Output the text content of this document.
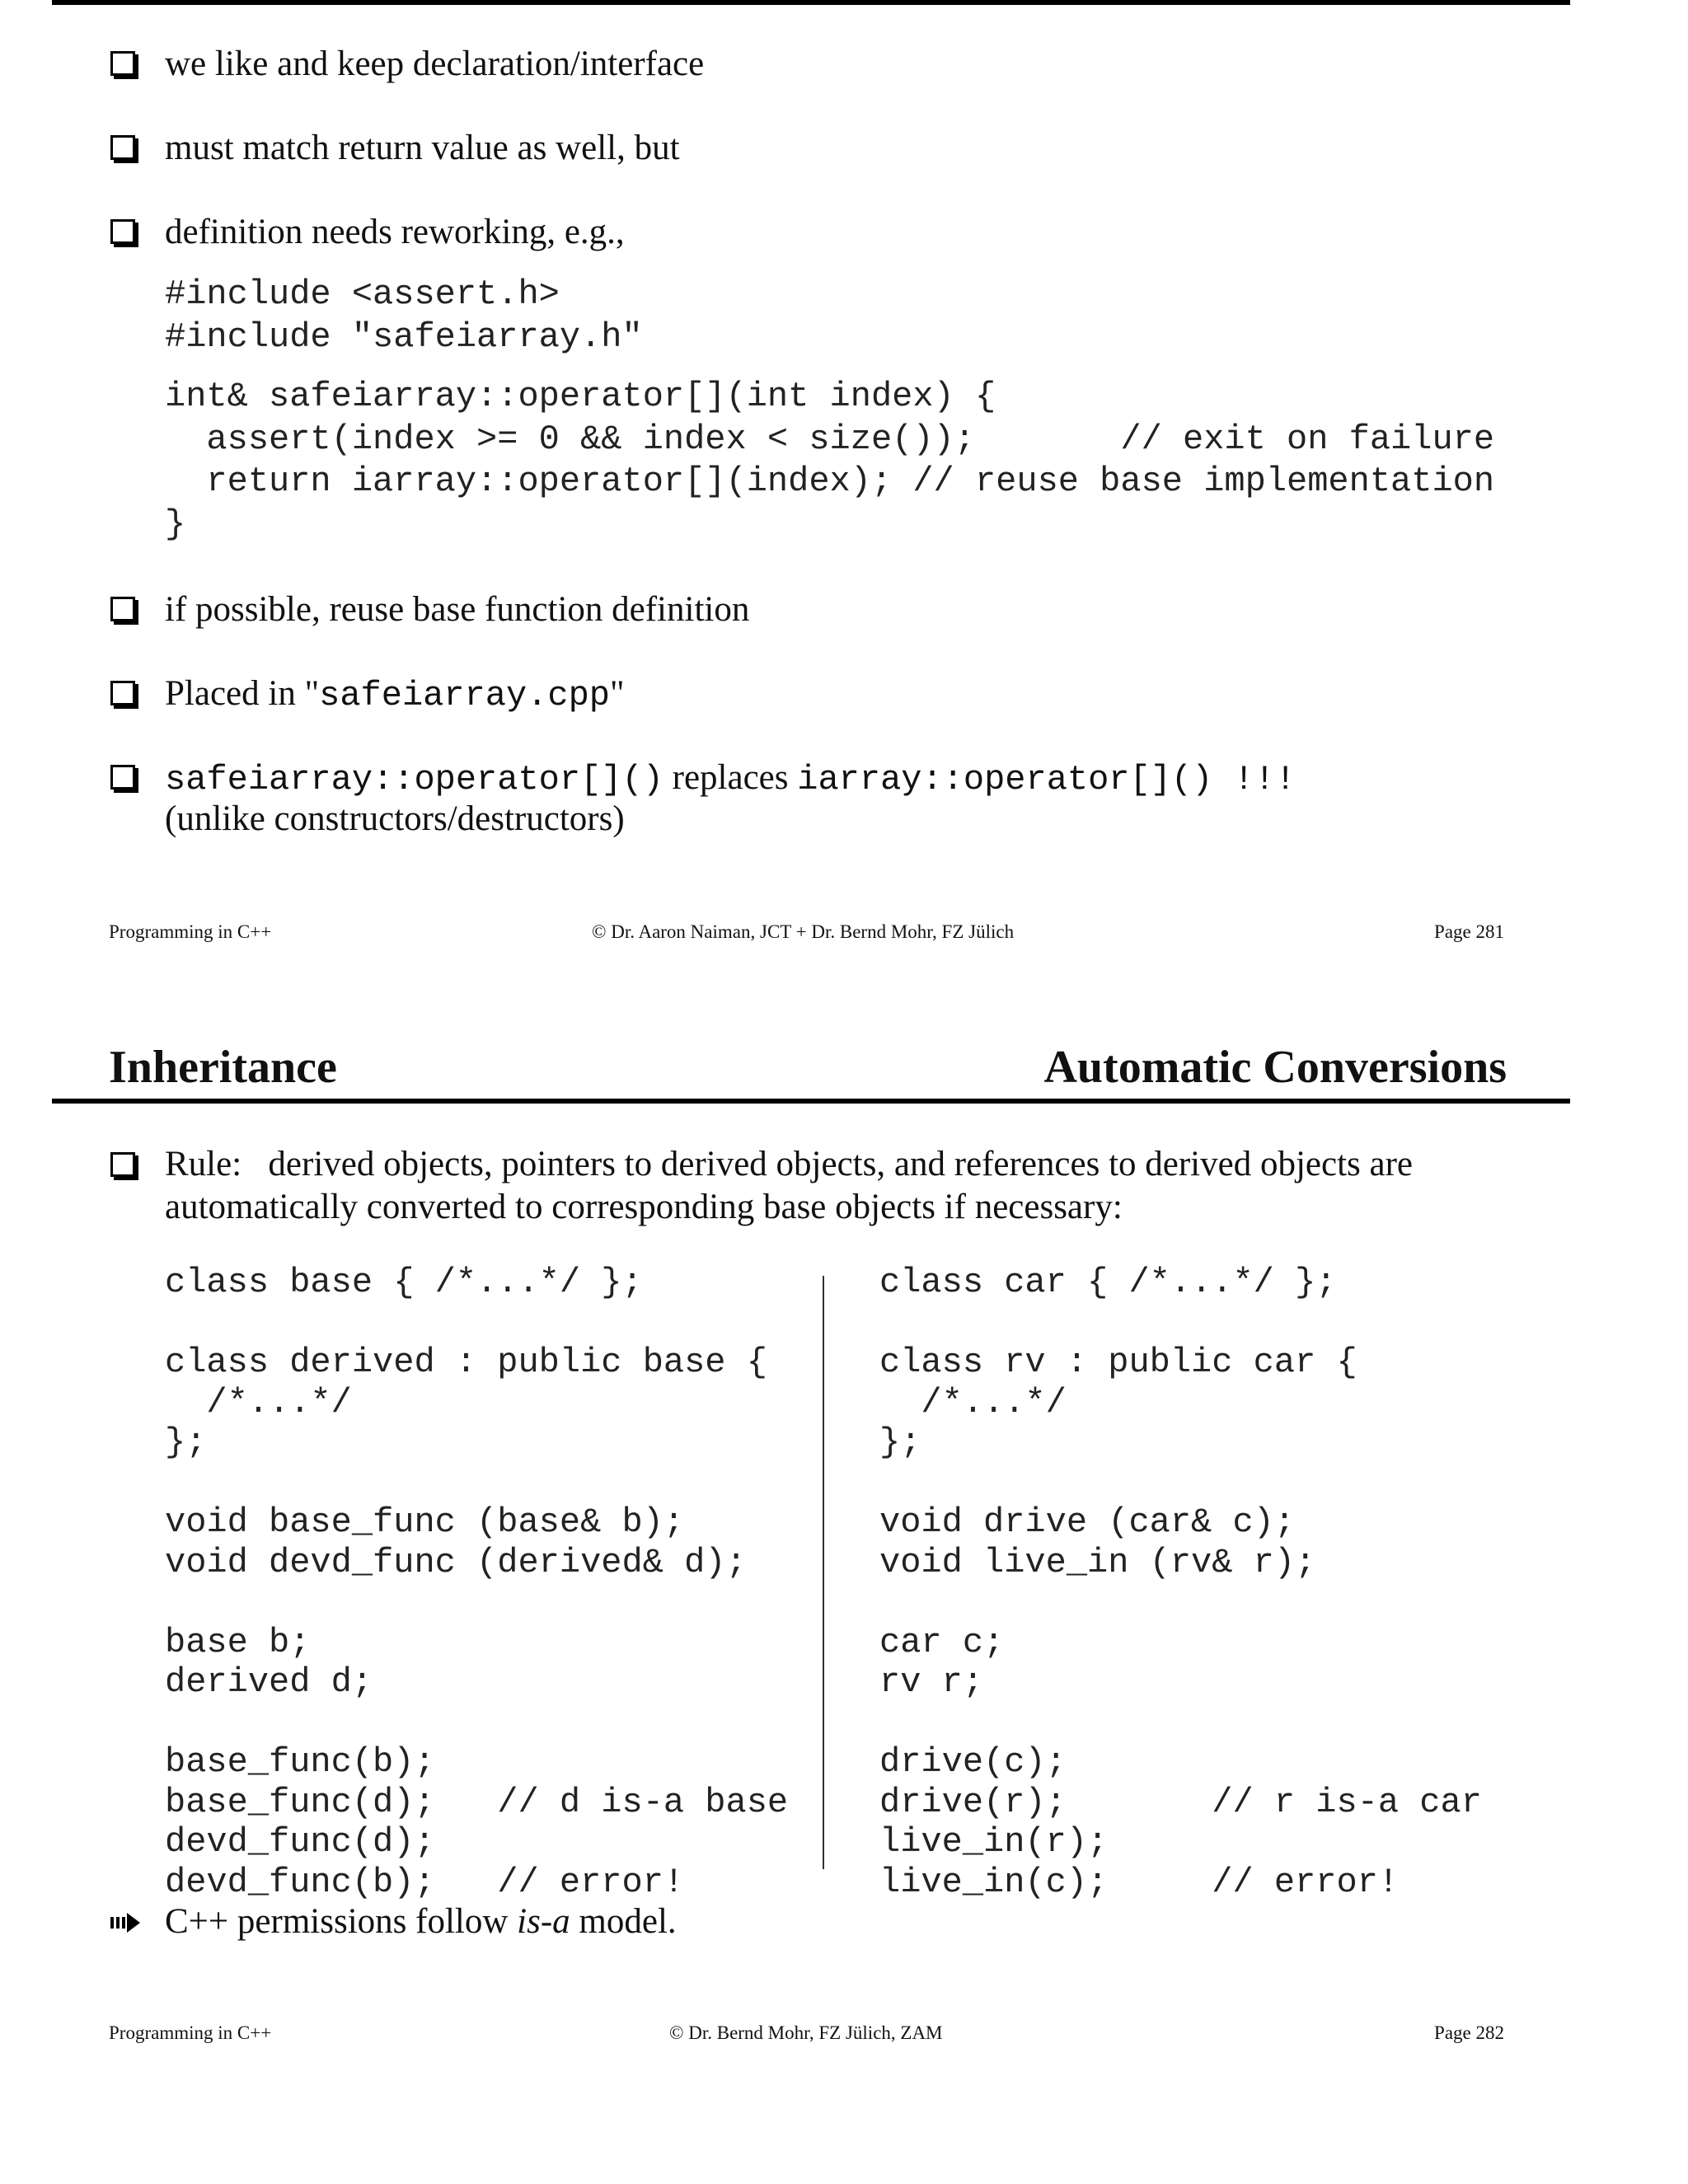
we like and keep declaration/interface
must match return value as well, but
definition needs reworking, e.g.,
#include <assert.h>
#include "safeiarray.h"
int& safeiarray::operator[](int index) {
assert(index >= 0 && index < size());       // exit on failure
return iarray::operator[](index); // reuse base implementation
}
if possible, reuse base function definition
Placed in "safeiarray.cpp"
safeiarray::operator[]() replaces iarray::operator[]() !!!
(unlike constructors/destructors)
Programming in C++	© Dr. Aaron Naiman, JCT + Dr. Bernd Mohr, FZ Jülich	Page 281
Inheritance	Automatic Conversions
Rule:   derived objects, pointers to derived objects, and references to derived objects are
automatically converted to corresponding base objects if necessary:
class base { /*...*/ };

class derived : public base {
/*...*/
};

void base_func (base& b);
void devd_func (derived& d);

base b;
derived d;

base_func(b);
base_func(d);   // d is-a base
devd_func(d);
devd_func(b);   // error!
class car { /*...*/ };

class rv : public car {
/*...*/
};

void drive (car& c);
void live_in (rv& r);

car c;
rv r;

drive(c);
drive(r);       // r is-a car
live_in(r);
live_in(c);     // error!
C++ permissions follow is-a model.
Programming in C++	© Dr. Bernd Mohr, FZ Jülich, ZAM	Page 282
